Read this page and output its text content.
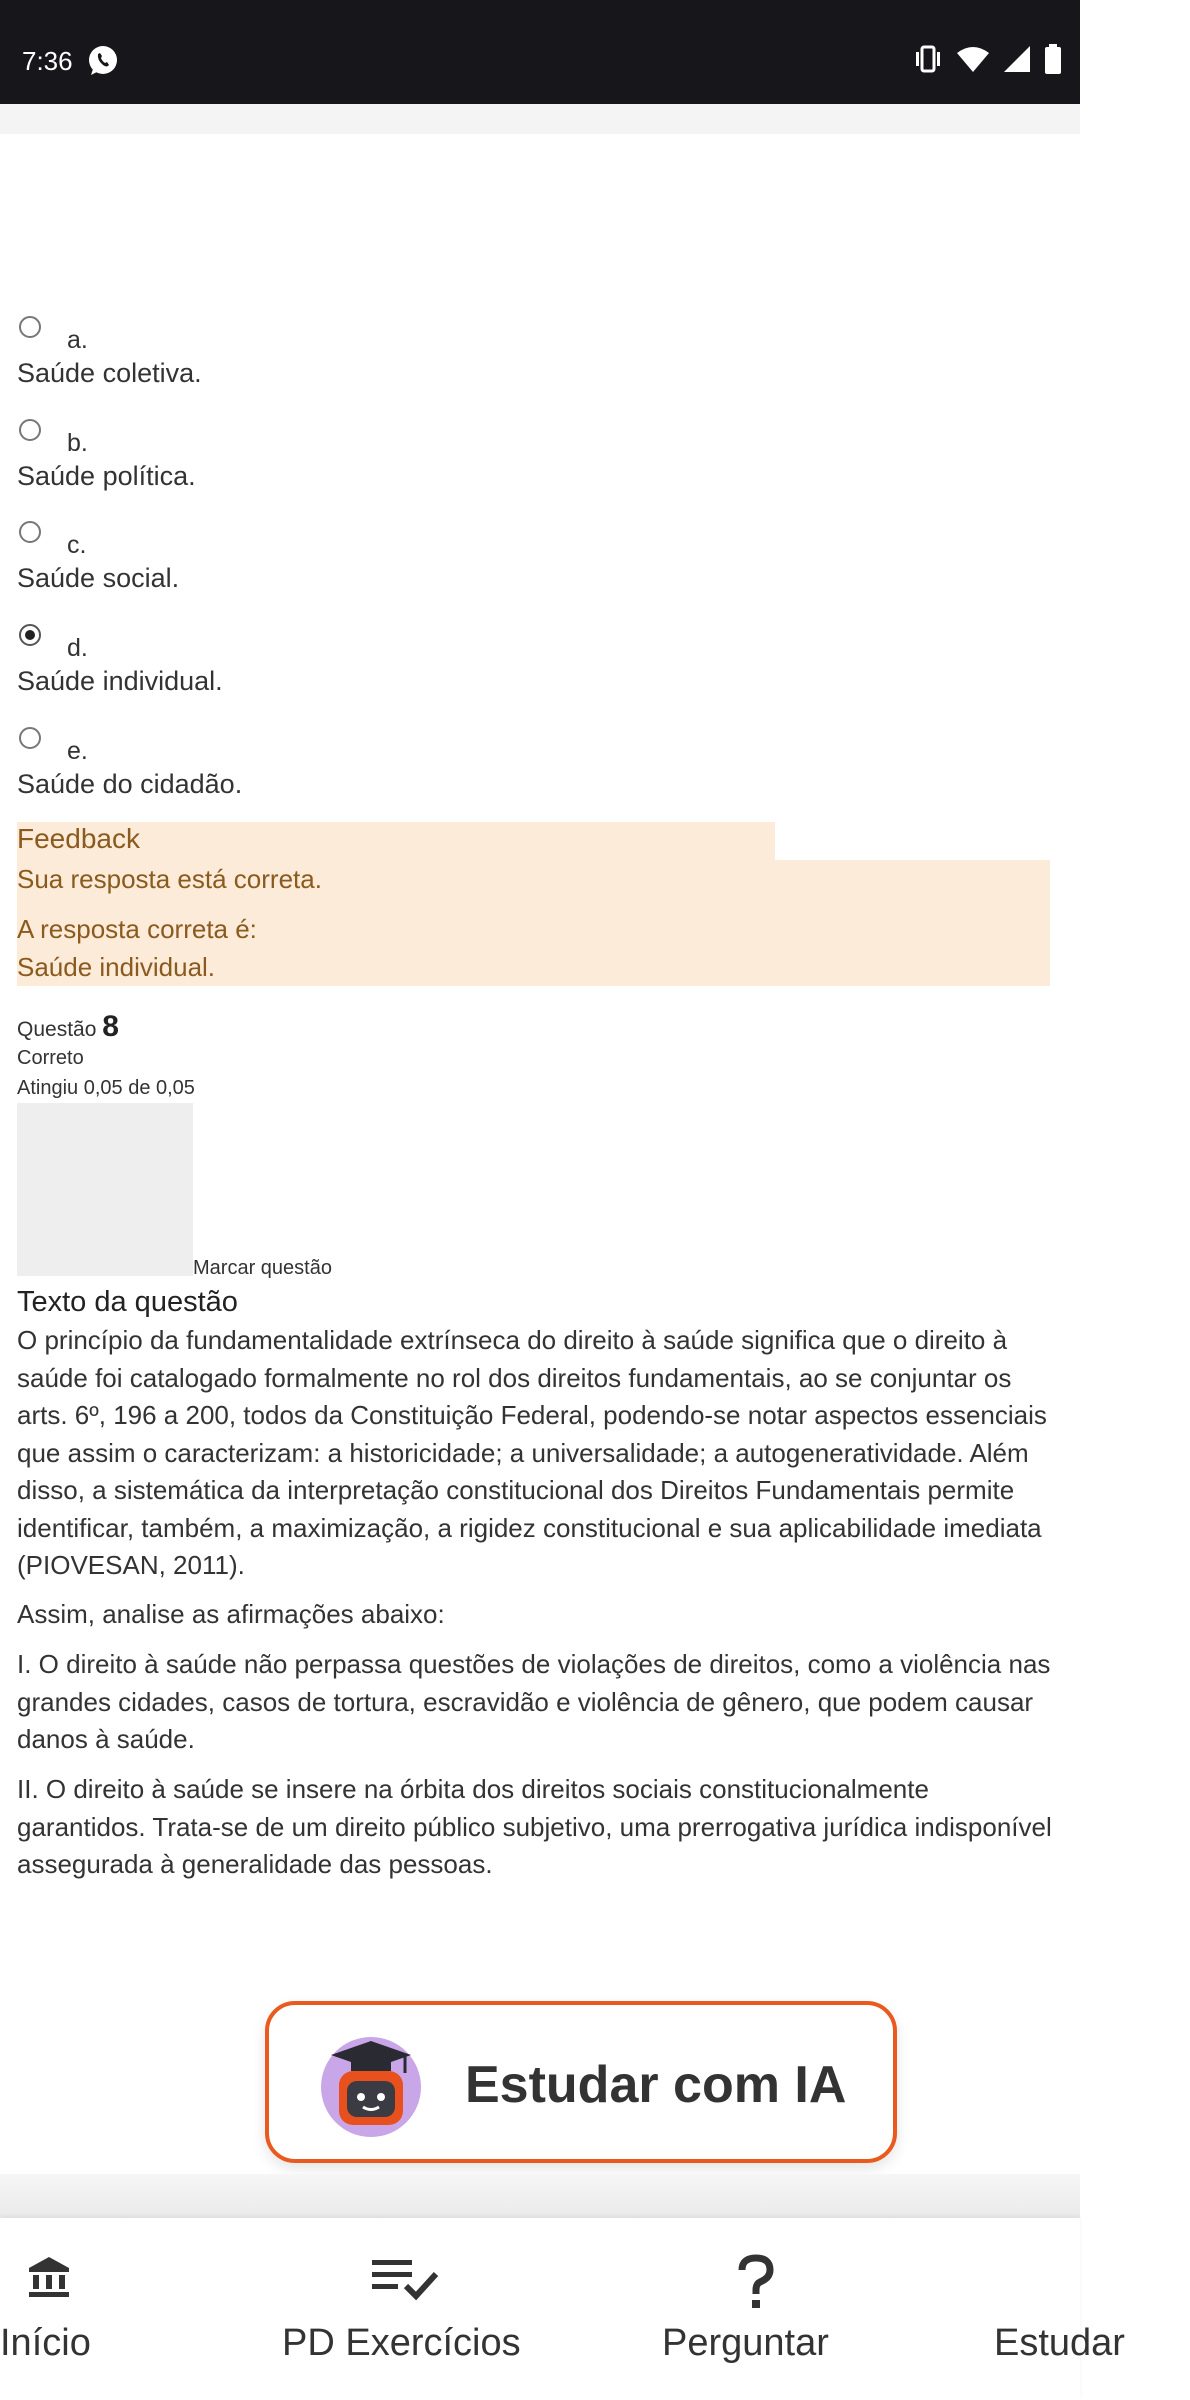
7:36
a.
Saúde coletiva.
b.
Saúde política.
c.
Saúde social.
d.
Saúde individual.
e.
Saúde do cidadão.
Feedback
Sua resposta está correta.
A resposta correta é:
Saúde individual.
Questão 8
Correto
Atingiu 0,05 de 0,05
Marcar questão
Texto da questão

O princípio da fundamentalidade extrínseca do direito à saúde significa que o direito à saúde foi catalogado formalmente no rol dos direitos fundamentais, ao se conjuntar os arts. 6º, 196 a 200, todos da Constituição Federal, podendo-se notar aspectos essenciais que assim o caracterizam: a historicidade; a universalidade; a autogeneratividade. Além disso, a sistemática da interpretação constitucional dos Direitos Fundamentais permite identificar, também, a maximização, a rigidez constitucional e sua aplicabilidade imediata (PIOVESAN, 2011).

Assim, analise as afirmações abaixo:

I. O direito à saúde não perpassa questões de violações de direitos, como a violência nas grandes cidades, casos de tortura, escravidão e violência de gênero, que podem causar danos à saúde.

II. O direito à saúde se insere na órbita dos direitos sociais constitucionalmente garantidos. Trata-se de um direito público subjetivo, uma prerrogativa jurídica indisponível assegurada à generalidade das pessoas.

Estudar com IA
Início	PD Exercícios	Perguntar	Estudar
